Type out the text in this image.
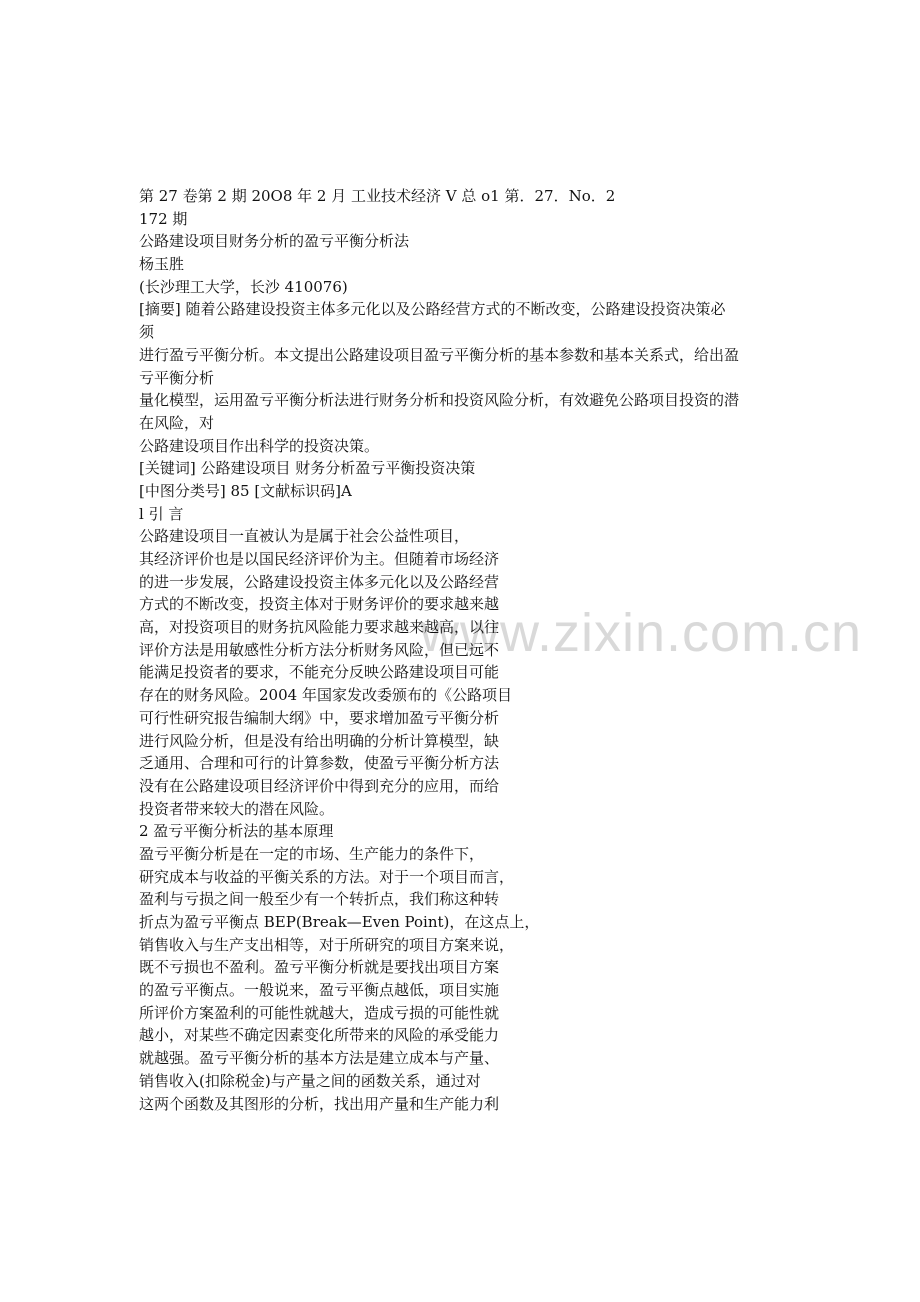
www.zixin.com.cn
第 27 卷第 2 期 20O8 年 2 月 工业技术经济 V 总 o1 第．27．No．2
172 期
公路建设项目财务分析的盈亏平衡分析法
杨玉胜
(长沙理工大学，长沙 410076)
[摘要] 随着公路建设投资主体多元化以及公路经营方式的不断改变，公路建设投资决策必
须
进行盈亏平衡分析。本文提出公路建设项目盈亏平衡分析的基本参数和基本关系式，给出盈
亏平衡分析
量化模型，运用盈亏平衡分析法进行财务分析和投资风险分析，有效避免公路项目投资的潜
在风险，对
公路建设项目作出科学的投资决策。
[关键词] 公路建设项目 财务分析盈亏平衡投资决策
[中图分类号] 85 [文献标识码]A
l 引 言
公路建设项目一直被认为是属于社会公益性项目，
其经济评价也是以国民经济评价为主。但随着市场经济
的进一步发展，公路建设投资主体多元化以及公路经营
方式的不断改变，投资主体对于财务评价的要求越来越
高，对投资项目的财务抗风险能力要求越来越高，以往
评价方法是用敏感性分析方法分析财务风险，但已远不
能满足投资者的要求，不能充分反映公路建设项目可能
存在的财务风险。2004 年国家发改委颁布的《公路项目
可行性研究报告编制大纲》中，要求增加盈亏平衡分析
进行风险分析，但是没有给出明确的分析计算模型，缺
乏通用、合理和可行的计算参数，使盈亏平衡分析方法
没有在公路建设项目经济评价中得到充分的应用，而给
投资者带来较大的潜在风险。
2 盈亏平衡分析法的基本原理
盈亏平衡分析是在一定的市场、生产能力的条件下，
研究成本与收益的平衡关系的方法。对于一个项目而言，
盈利与亏损之间一般至少有一个转折点，我们称这种转
折点为盈亏平衡点 BEP(Break—Even Point)，在这点上，
销售收入与生产支出相等，对于所研究的项目方案来说，
既不亏损也不盈利。盈亏平衡分析就是要找出项目方案
的盈亏平衡点。一般说来，盈亏平衡点越低，项目实施
所评价方案盈利的可能性就越大，造成亏损的可能性就
越小，对某些不确定因素变化所带来的风险的承受能力
就越强。盈亏平衡分析的基本方法是建立成本与产量、
销售收入(扣除税金)与产量之间的函数关系，通过对
这两个函数及其图形的分析，找出用产量和生产能力利
